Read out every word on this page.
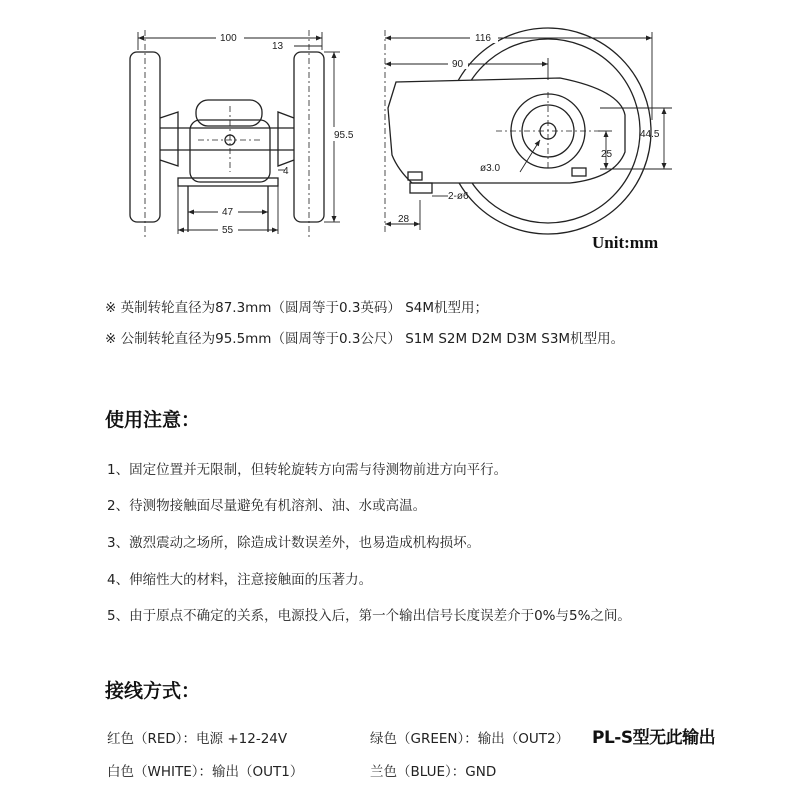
100
13
95.5
4
47
55
116
90
44.5
25
ø3.0
2-ø6
28
Unit:mm
※ 英制转轮直径为87.3mm（圆周等于0.3英码） S4M机型用；
※ 公制转轮直径为95.5mm（圆周等于0.3公尺） S1M S2M D2M D3M S3M机型用。
使用注意：
1、固定位置并无限制，但转轮旋转方向需与待测物前进方向平行。
2、待测物接触面尽量避免有机溶剂、油、水或高温。
3、激烈震动之场所，除造成计数误差外，也易造成机构损坏。
4、伸缩性大的材料，注意接触面的压著力。
5、由于原点不确定的关系，电源投入后，第一个输出信号长度误差介于0%与5%之间。
接线方式：
红色（RED）：电源 +12-24V	绿色（GREEN）：输出（OUT2） PL-S型无此输出
白色（WHITE）：输出（OUT1）	兰色（BLUE）：GND
